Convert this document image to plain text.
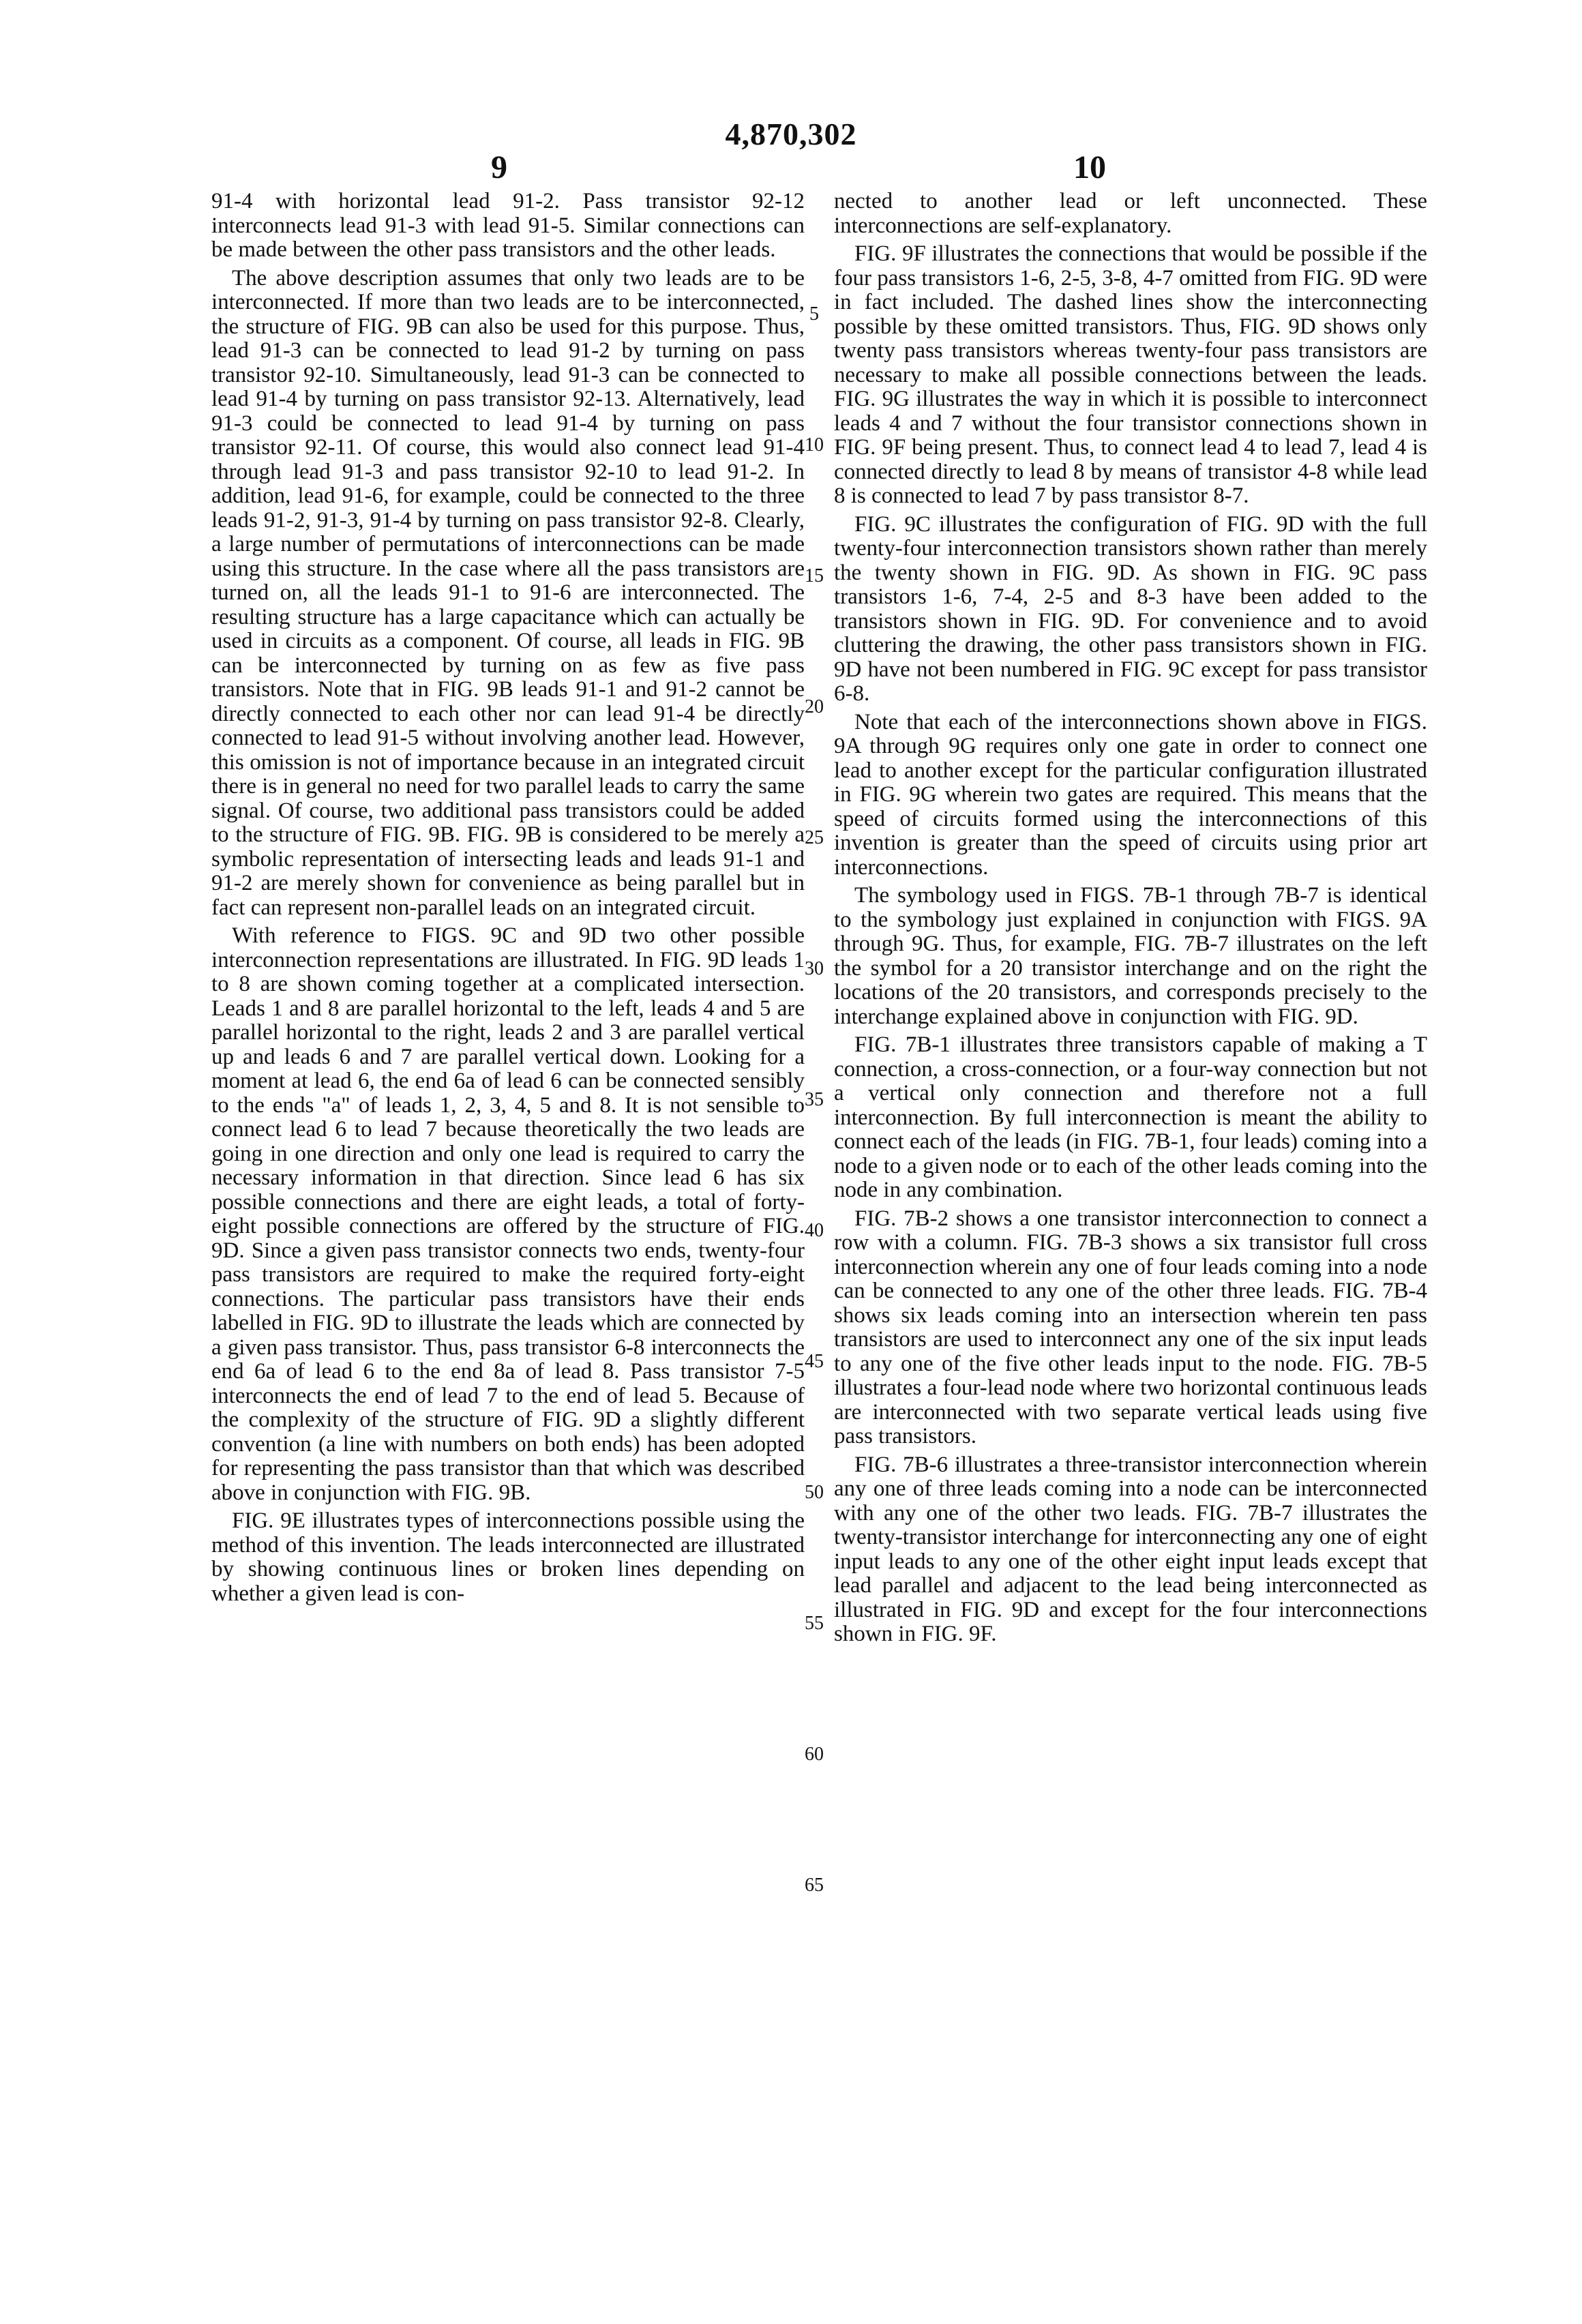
4,870,302
9	10

91-4 with horizontal lead 91-2. Pass transistor 92-12 interconnects lead 91-3 with lead 91-5. Similar connections can be made between the other pass transistors and the other leads.

The above description assumes that only two leads are to be interconnected. If more than two leads are to be interconnected, the structure of FIG. 9B can also be used for this purpose. Thus, lead 91-3 can be connected to lead 91-2 by turning on pass transistor 92-10. Simultaneously, lead 91-3 can be connected to lead 91-4 by turning on pass transistor 92-13. Alternatively, lead 91-3 could be connected to lead 91-4 by turning on pass transistor 92-11. Of course, this would also connect lead 91-4 through lead 91-3 and pass transistor 92-10 to lead 91-2. In addition, lead 91-6, for example, could be connected to the three leads 91-2, 91-3, 91-4 by turning on pass transistor 92-8. Clearly, a large number of permutations of interconnections can be made using this structure. In the case where all the pass transistors are turned on, all the leads 91-1 to 91-6 are interconnected. The resulting structure has a large capacitance which can actually be used in circuits as a component. Of course, all leads in FIG. 9B can be interconnected by turning on as few as five pass transistors. Note that in FIG. 9B leads 91-1 and 91-2 cannot be directly connected to each other nor can lead 91-4 be directly connected to lead 91-5 without involving another lead. However, this omission is not of importance because in an integrated circuit there is in general no need for two parallel leads to carry the same signal. Of course, two additional pass transistors could be added to the structure of FIG. 9B. FIG. 9B is considered to be merely a symbolic representation of intersecting leads and leads 91-1 and 91-2 are merely shown for convenience as being parallel but in fact can represent non-parallel leads on an integrated circuit.

With reference to FIGS. 9C and 9D two other possible interconnection representations are illustrated. In FIG. 9D leads 1 to 8 are shown coming together at a complicated intersection. Leads 1 and 8 are parallel horizontal to the left, leads 4 and 5 are parallel horizontal to the right, leads 2 and 3 are parallel vertical up and leads 6 and 7 are parallel vertical down. Looking for a moment at lead 6, the end 6a of lead 6 can be connected sensibly to the ends "a" of leads 1, 2, 3, 4, 5 and 8. It is not sensible to connect lead 6 to lead 7 because theoretically the two leads are going in one direction and only one lead is required to carry the necessary information in that direction. Since lead 6 has six possible connections and there are eight leads, a total of forty-eight possible connections are offered by the structure of FIG. 9D. Since a given pass transistor connects two ends, twenty-four pass transistors are required to make the required forty-eight connections. The particular pass transistors have their ends labelled in FIG. 9D to illustrate the leads which are connected by a given pass transistor. Thus, pass transistor 6-8 interconnects the end 6a of lead 6 to the end 8a of lead 8. Pass transistor 7-5 interconnects the end of lead 7 to the end of lead 5. Because of the complexity of the structure of FIG. 9D a slightly different convention (a line with numbers on both ends) has been adopted for representing the pass transistor than that which was described above in conjunction with FIG. 9B.

FIG. 9E illustrates types of interconnections possible using the method of this invention. The leads interconnected are illustrated by showing continuous lines or broken lines depending on whether a given lead is con-

5
10
15
20
25
30
35
40
45
50
55
60
65

nected to another lead or left unconnected. These interconnections are self-explanatory.

FIG. 9F illustrates the connections that would be possible if the four pass transistors 1-6, 2-5, 3-8, 4-7 omitted from FIG. 9D were in fact included. The dashed lines show the interconnecting possible by these omitted transistors. Thus, FIG. 9D shows only twenty pass transistors whereas twenty-four pass transistors are necessary to make all possible connections between the leads. FIG. 9G illustrates the way in which it is possible to interconnect leads 4 and 7 without the four transistor connections shown in FIG. 9F being present. Thus, to connect lead 4 to lead 7, lead 4 is connected directly to lead 8 by means of transistor 4-8 while lead 8 is connected to lead 7 by pass transistor 8-7.

FIG. 9C illustrates the configuration of FIG. 9D with the full twenty-four interconnection transistors shown rather than merely the twenty shown in FIG. 9D. As shown in FIG. 9C pass transistors 1-6, 7-4, 2-5 and 8-3 have been added to the transistors shown in FIG. 9D. For convenience and to avoid cluttering the drawing, the other pass transistors shown in FIG. 9D have not been numbered in FIG. 9C except for pass transistor 6-8.

Note that each of the interconnections shown above in FIGS. 9A through 9G requires only one gate in order to connect one lead to another except for the particular configuration illustrated in FIG. 9G wherein two gates are required. This means that the speed of circuits formed using the interconnections of this invention is greater than the speed of circuits using prior art interconnections.

The symbology used in FIGS. 7B-1 through 7B-7 is identical to the symbology just explained in conjunction with FIGS. 9A through 9G. Thus, for example, FIG. 7B-7 illustrates on the left the symbol for a 20 transistor interchange and on the right the locations of the 20 transistors, and corresponds precisely to the interchange explained above in conjunction with FIG. 9D.

FIG. 7B-1 illustrates three transistors capable of making a T connection, a cross-connection, or a four-way connection but not a vertical only connection and therefore not a full interconnection. By full interconnection is meant the ability to connect each of the leads (in FIG. 7B-1, four leads) coming into a node to a given node or to each of the other leads coming into the node in any combination.

FIG. 7B-2 shows a one transistor interconnection to connect a row with a column. FIG. 7B-3 shows a six transistor full cross interconnection wherein any one of four leads coming into a node can be connected to any one of the other three leads. FIG. 7B-4 shows six leads coming into an intersection wherein ten pass transistors are used to interconnect any one of the six input leads to any one of the five other leads input to the node. FIG. 7B-5 illustrates a four-lead node where two horizontal continuous leads are interconnected with two separate vertical leads using five pass transistors.

FIG. 7B-6 illustrates a three-transistor interconnection wherein any one of three leads coming into a node can be interconnected with any one of the other two leads. FIG. 7B-7 illustrates the twenty-transistor interchange for interconnecting any one of eight input leads to any one of the other eight input leads except that lead parallel and adjacent to the lead being interconnected as illustrated in FIG. 9D and except for the four interconnections shown in FIG. 9F.
